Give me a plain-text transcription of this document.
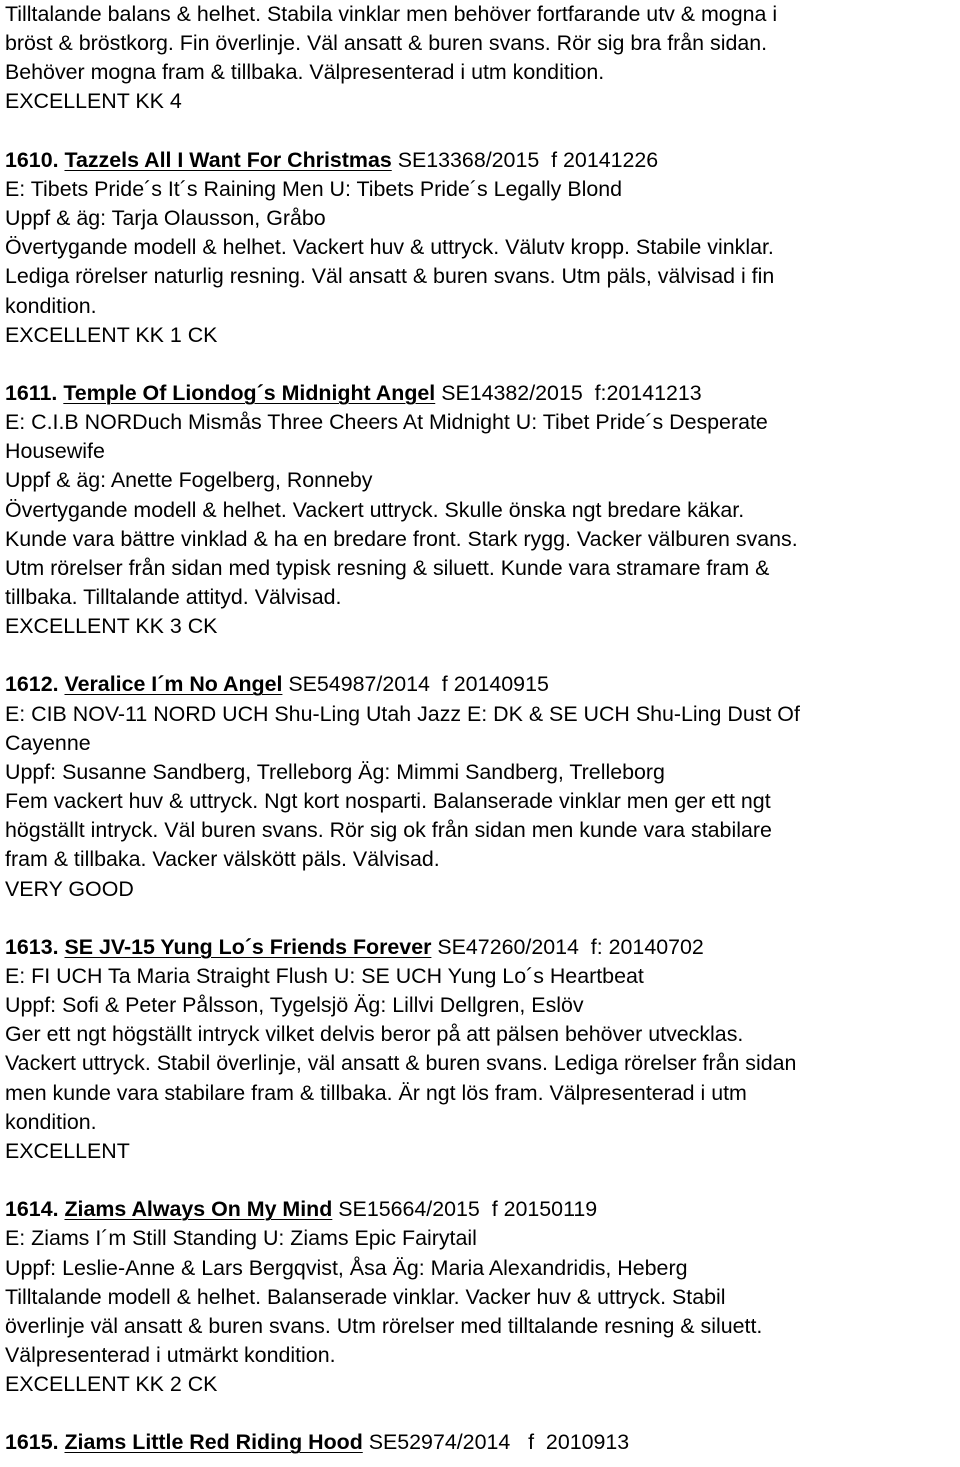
Tilltalande balans & helhet. Stabila vinklar men behöver fortfarande utv & mogna i
bröst & bröstkorg. Fin överlinje. Väl ansatt & buren svans. Rör sig bra från sidan.
Behöver mogna fram & tillbaka. Välpresenterad i utm kondition.
EXCELLENT KK 4
1610. Tazzels All I Want For Christmas SE13368/2015  f 20141226
E: Tibets Pride´s It´s Raining Men U: Tibets Pride´s Legally Blond
Uppf & äg: Tarja Olausson, Gråbo
Övertygande modell & helhet. Vackert huv & uttryck. Välutv kropp. Stabile vinklar.
Lediga rörelser naturlig resning. Väl ansatt & buren svans. Utm päls, välvisad i fin
kondition.
EXCELLENT KK 1 CK
1611. Temple Of Liondog´s Midnight Angel SE14382/2015  f:20141213
E: C.I.B NORDuch Mismås Three Cheers At Midnight U: Tibet Pride´s Desperate
Housewife
Uppf & äg: Anette Fogelberg, Ronneby
Övertygande modell & helhet. Vackert uttryck. Skulle önska ngt bredare käkar.
Kunde vara bättre vinklad & ha en bredare front. Stark rygg. Vacker välburen svans.
Utm rörelser från sidan med typisk resning & siluett. Kunde vara stramare fram &
tillbaka. Tilltalande attityd. Välvisad.
EXCELLENT KK 3 CK
1612. Veralice I´m No Angel SE54987/2014  f 20140915
E: CIB NOV-11 NORD UCH Shu-Ling Utah Jazz E: DK & SE UCH Shu-Ling Dust Of
Cayenne
Uppf: Susanne Sandberg, Trelleborg Äg: Mimmi Sandberg, Trelleborg
Fem vackert huv & uttryck. Ngt kort nosparti. Balanserade vinklar men ger ett ngt
högställt intryck. Väl buren svans. Rör sig ok från sidan men kunde vara stabilare
fram & tillbaka. Vacker välskött päls. Välvisad.
VERY GOOD
1613. SE JV-15 Yung Lo´s Friends Forever SE47260/2014  f: 20140702
E: FI UCH Ta Maria Straight Flush U: SE UCH Yung Lo´s Heartbeat
Uppf: Sofi & Peter Pålsson, Tygelsjö Äg: Lillvi Dellgren, Eslöv
Ger ett ngt högställt intryck vilket delvis beror på att pälsen behöver utvecklas.
Vackert uttryck. Stabil överlinje, väl ansatt & buren svans. Lediga rörelser från sidan
men kunde vara stabilare fram & tillbaka. Är ngt lös fram. Välpresenterad i utm
kondition.
EXCELLENT
1614. Ziams Always On My Mind SE15664/2015  f 20150119
E: Ziams I´m Still Standing U: Ziams Epic Fairytail
Uppf: Leslie-Anne & Lars Bergqvist, Åsa Äg: Maria Alexandridis, Heberg
Tilltalande modell & helhet. Balanserade vinklar. Vacker huv & uttryck. Stabil
överlinje väl ansatt & buren svans. Utm rörelser med tilltalande resning & siluett.
Välpresenterad i utmärkt kondition.
EXCELLENT KK 2 CK
1615. Ziams Little Red Riding Hood SE52974/2014   f  2010913
